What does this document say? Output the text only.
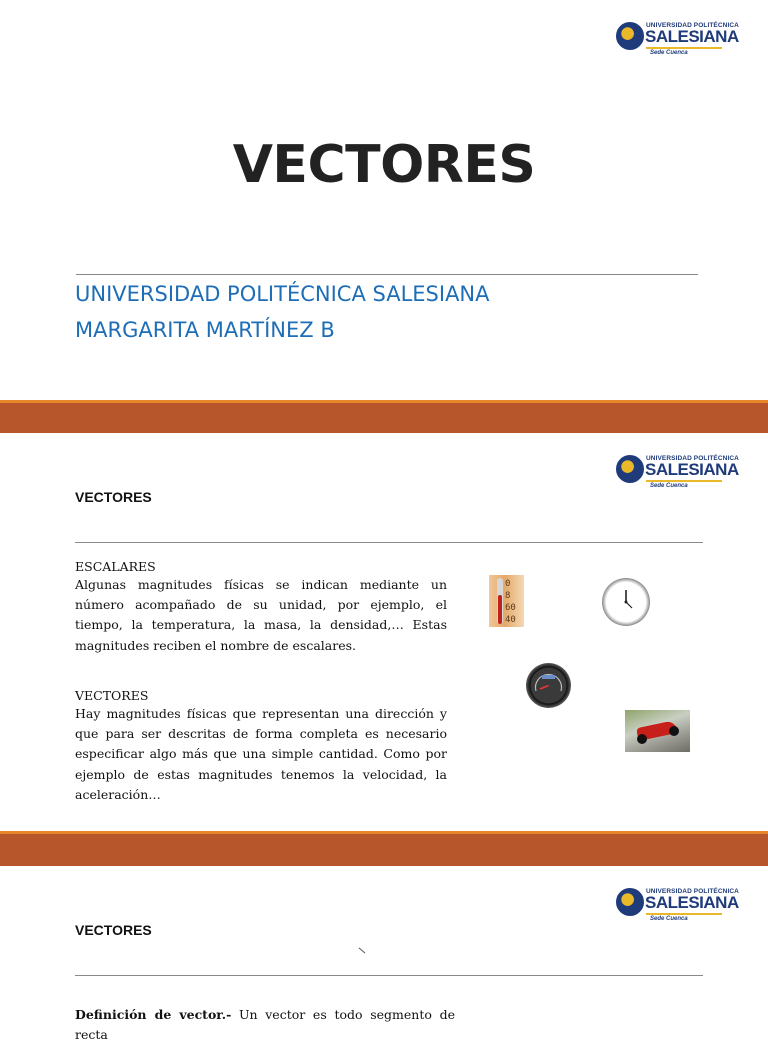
UNIVERSIDAD POLITÉCNICA
SALESIANA
Sede Cuenca
VECTORES
UNIVERSIDAD POLITÉCNICA SALESIANA
MARGARITA MARTÍNEZ B
UNIVERSIDAD POLITÉCNICA
SALESIANA
Sede Cuenca
VECTORES
ESCALARES

Algunas magnitudes físicas se indican mediante un número acompañado de su unidad, por ejemplo, el tiempo, la temperatura, la masa, la densidad,… Estas magnitudes reciben el nombre de escalares.

VECTORES

Hay magnitudes físicas que representan una dirección y que para ser descritas de forma completa es necesario especificar algo más que una simple cantidad. Como por ejemplo de estas magnitudes tenemos la velocidad, la aceleración…

0
8
60
40
UNIVERSIDAD POLITÉCNICA
SALESIANA
Sede Cuenca
VECTORES

Definición de vector.- Un vector es todo segmento de recta
